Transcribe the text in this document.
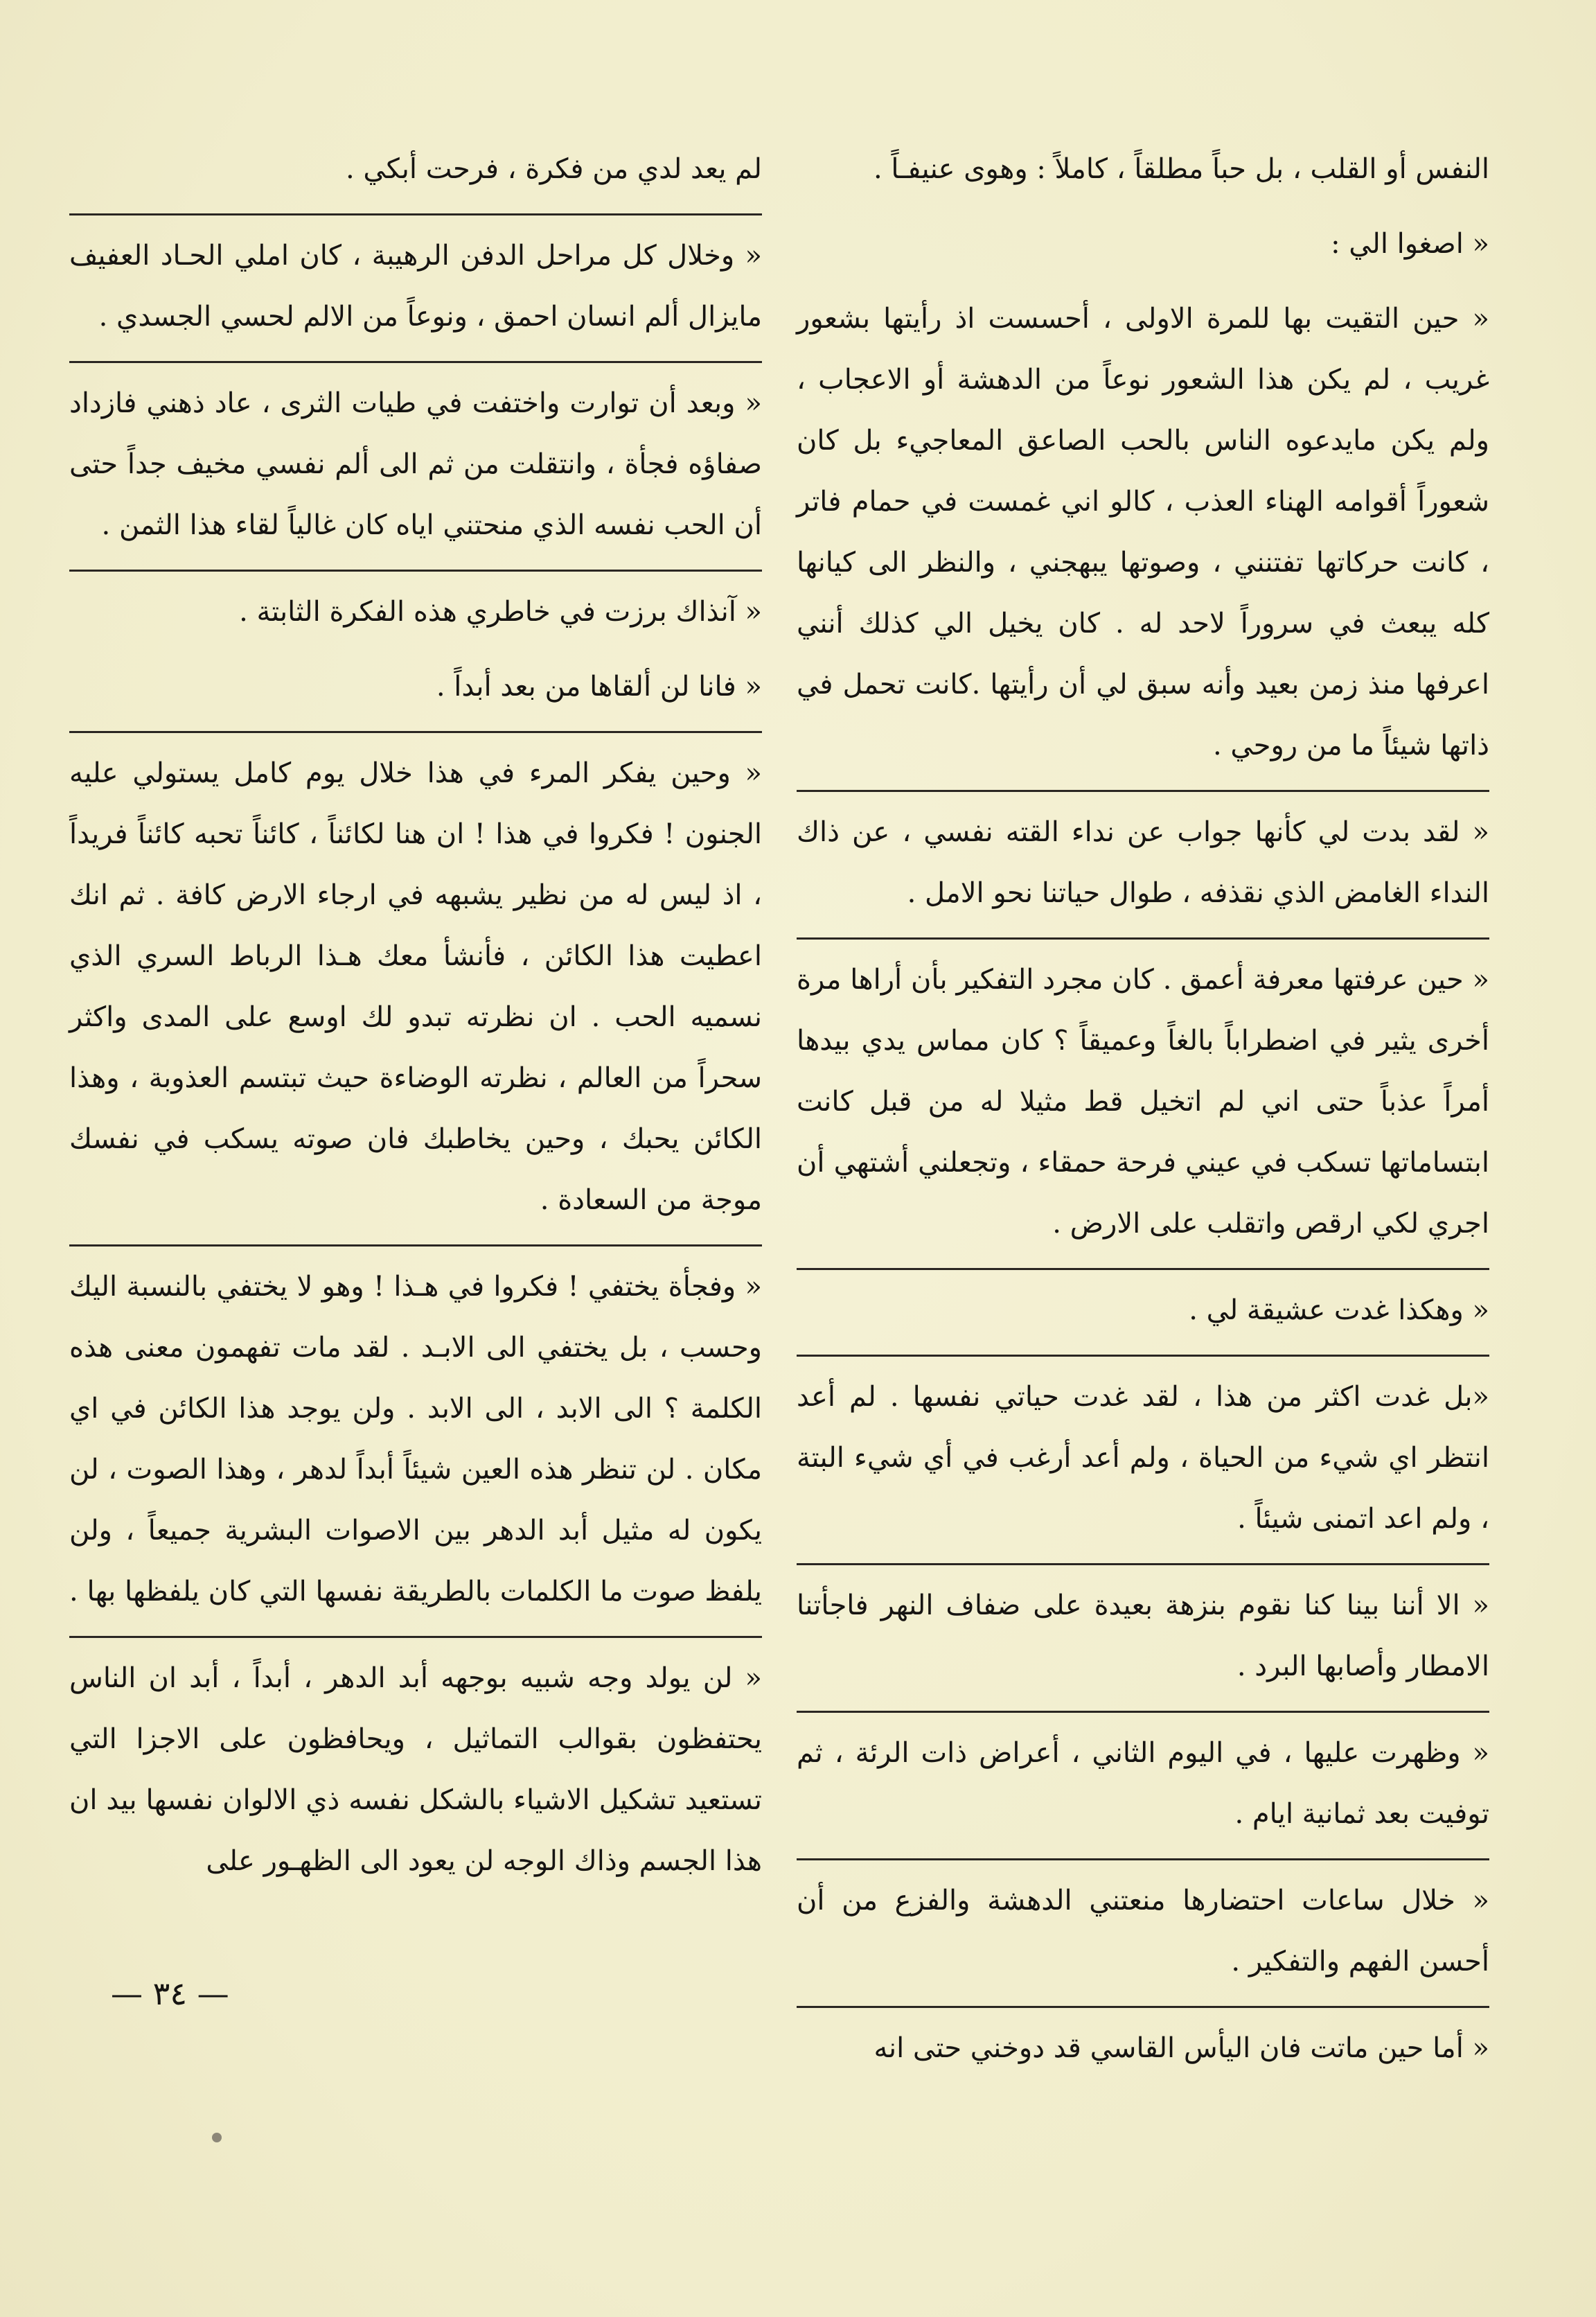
النفس أو القلب ، بل حباً مطلقاً ، كاملاً : وهوى عنيفـاً .

« اصغوا الي :

« حين التقيت بها للمرة الاولى ، أحسست اذ رأيتها بشعور غريب ، لم يكن هذا الشعور نوعاً من الدهشة أو الاعجاب ، ولم يكن مايدعوه الناس بالحب الصاعق المعاجيء بل كان شعوراً أقوامه الهناء العذب ، كالو اني غمست في حمام فاتر ، كانت حركاتها تفتنني ، وصوتها يبهجني ، والنظر الى كيانها كله يبعث في سروراً لاحد له . كان يخيل الي كذلك أنني اعرفها منذ زمن بعيد وأنه سبق لي أن رأيتها .كانت تحمل في ذاتها شيئاً ما من روحي .

« لقد بدت لي كأنها جواب عن نداء القته نفسي ، عن ذاك النداء الغامض الذي نقذفه ، طوال حياتنا نحو الامل .

« حين عرفتها معرفة أعمق . كان مجرد التفكير بأن أراها مرة أخرى يثير في اضطراباً بالغاً وعميقاً ؟ كان مماس يدي بيدها أمراً عذباً حتى اني لم اتخيل قط مثيلا له من قبل كانت ابتساماتها تسكب في عيني فرحة حمقاء ، وتجعلني أشتهي أن اجري لكي ارقص واتقلب على الارض .

« وهكذا غدت عشيقة لي .

«بل غدت اكثر من هذا ، لقد غدت حياتي نفسها . لم أعد انتظر اي شيء من الحياة ، ولم أعد أرغب في أي شيء البتة ، ولم اعد اتمنى شيئاً .

« الا أننا بينا كنا نقوم بنزهة بعيدة على ضفاف النهر فاجأتنا الامطار وأصابها البرد .

« وظهرت عليها ، في اليوم الثاني ، أعراض ذات الرئة ، ثم توفيت بعد ثمانية ايام .

« خلال ساعات احتضارها منعتني الدهشة والفزع من أن أحسن الفهم والتفكير .

« أما حين ماتت فان اليأس القاسي قد دوخني حتى انه

لم يعد لدي من فكرة ، فرحت أبكي .

« وخلال كل مراحل الدفن الرهيبة ، كان املي الحـاد العفيف مايزال ألم انسان احمق ، ونوعاً من الالم لحسي الجسدي .

« وبعد أن توارت واختفت في طيات الثرى ، عاد ذهني فازداد صفاؤه فجأة ، وانتقلت من ثم الى ألم نفسي مخيف جداً حتى أن الحب نفسه الذي منحتني اياه كان غالياً لقاء هذا الثمن .

« آنذاك برزت في خاطري هذه الفكرة الثابتة .

« فانا لن ألقاها من بعد أبداً .

« وحين يفكر المرء في هذا خلال يوم كامل يستولي عليه الجنون ! فكروا في هذا ! ان هنا لكائناً ، كائناً تحبه كائناً فريداً ، اذ ليس له من نظير يشبهه في ارجاء الارض كافة . ثم انك اعطيت هذا الكائن ، فأنشأ معك هـذا الرباط السري الذي نسميه الحب . ان نظرته تبدو لك اوسع على المدى واكثر سحراً من العالم ، نظرته الوضاءة حيث تبتسم العذوبة ، وهذا الكائن يحبك ، وحين يخاطبك فان صوته يسكب في نفسك موجة من السعادة .

« وفجأة يختفي ! فكروا في هـذا ! وهو لا يختفي بالنسبة اليك وحسب ، بل يختفي الى الابـد . لقد مات تفهمون معنى هذه الكلمة ؟ الى الابد ، الى الابد . ولن يوجد هذا الكائن في اي مكان . لن تنظر هذه العين شيئاً أبداً لدهر ، وهذا الصوت ، لن يكون له مثيل أبد الدهر بين الاصوات البشرية جميعاً ، ولن يلفظ صوت ما الكلمات بالطريقة نفسها التي كان يلفظها بها .

« لن يولد وجه شبيه بوجهه أبد الدهر ، أبداً ، أبد ان الناس يحتفظون بقوالب التماثيل ، ويحافظون على الاجزا التي تستعيد تشكيل الاشياء بالشكل نفسه ذي الالوان نفسها بيد ان هذا الجسم وذاك الوجه لن يعود الى الظهـور على

— ٣٤ —
